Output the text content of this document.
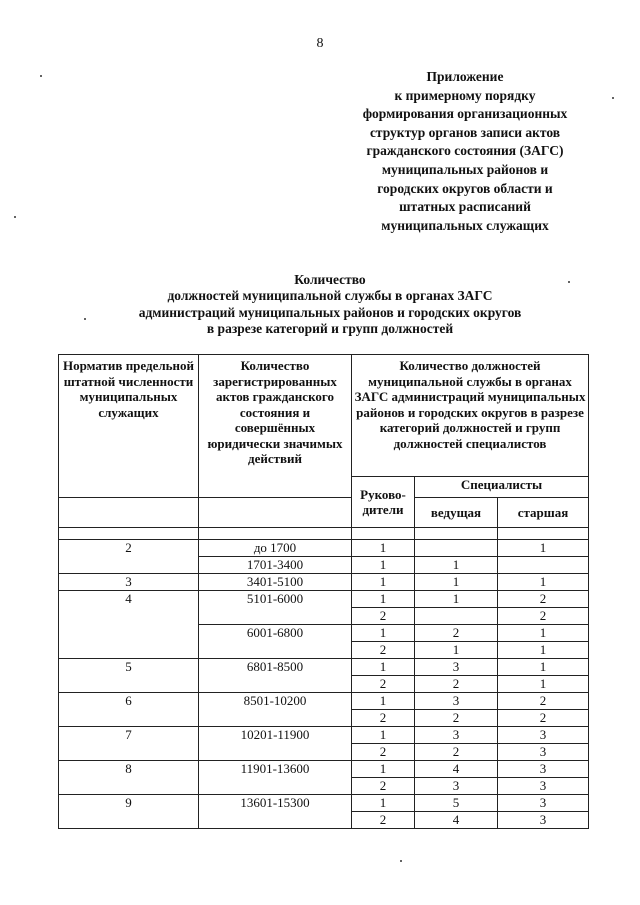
8
Приложение
к примерному порядку
формирования организационных
структур органов записи актов
гражданского состояния (ЗАГС)
муниципальных районов и
городских округов области и
штатных расписаний
муниципальных служащих
Количество
должностей муниципальной службы в органах ЗАГС
администраций муниципальных районов и городских округов
в разрезе категорий и групп должностей
Норматив предельной штатной численности муниципальных служащих	Количество зарегистрированных актов гражданского состояния и совершённых юридически значимых действий	Количество должностей муниципальной службы в органах ЗАГС администраций муниципальных районов и городских округов в разрезе категорий должностей и групп должностей специалистов		
		Руково-дители	Специалисты	
			ведущая	старшая

2	до 1700	1		1
	1701-3400	1	1	
3	3401-5100	1	1	1
4	5101-6000	1	1	2
		2		2
	6001-6800	1	2	1
		2	1	1
5	6801-8500	1	3	1
		2	2	1
6	8501-10200	1	3	2
		2	2	2
7	10201-11900	1	3	3
		2	2	3
8	11901-13600	1	4	3
		2	3	3
9	13601-15300	1	5	3
		2	4	3
